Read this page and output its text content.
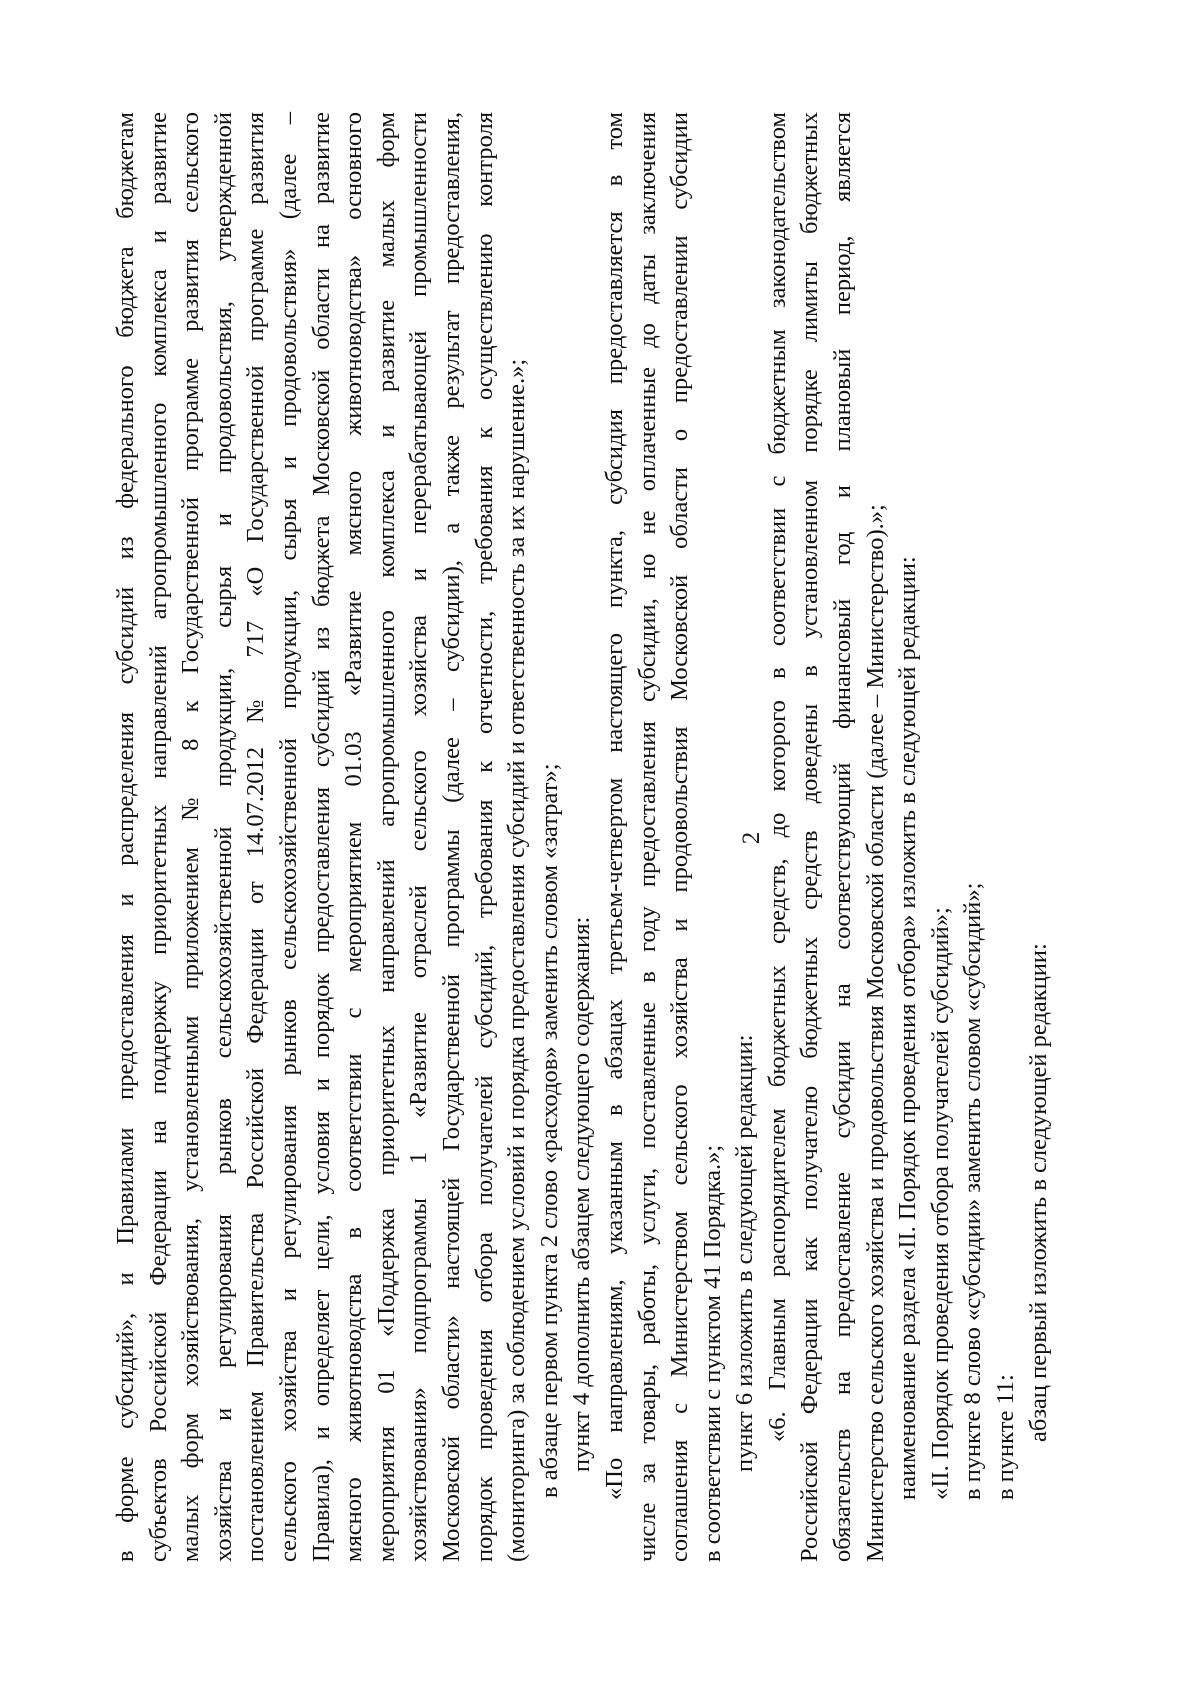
2
в форме субсидий», и Правилами предоставления и распределения субсидий из федерального бюджета бюджетам субъектов Российской Федерации на поддержку приоритетных направлений агропромышленного комплекса и развитие малых форм хозяйствования, установленными приложением № 8 к Государственной программе развития сельского хозяйства и регулирования рынков сельскохозяйственной продукции, сырья и продовольствия, утвержденной постановлением Правительства Российской Федерации от 14.07.2012 № 717 «О Государственной программе развития сельского хозяйства и регулирования рынков сельскохозяйственной продукции, сырья и продовольствия» (далее – Правила), и определяет цели, условия и порядок предоставления субсидий из бюджета Московской области на развитие мясного животноводства в соответствии с мероприятием 01.03 «Развитие мясного животноводства» основного мероприятия 01 «Поддержка приоритетных направлений агропромышленного комплекса и развитие малых форм хозяйствования» подпрограммы 1 «Развитие отраслей сельского хозяйства и перерабатывающей промышленности Московской области» настоящей Государственной программы (далее – субсидии), а также результат предоставления, порядок проведения отбора получателей субсидий, требования к отчетности, требования к осуществлению контроля (мониторинга) за соблюдением условий и порядка предоставления субсидий и ответственность за их нарушение.»; в абзаце первом пункта 2 слово «расходов» заменить словом «затрат»; пункт 4 дополнить абзацем следующего содержания: «По направлениям, указанным в абзацах третьем-четвертом настоящего пункта, субсидия предоставляется в том числе за товары, работы, услуги, поставленные в году предоставления субсидии, но не оплаченные до даты заключения соглашения с Министерством сельского хозяйства и продовольствия Московской области о предоставлении субсидии в соответствии с пунктом 41 Порядка.»; пункт 6 изложить в следующей редакции: «6. Главным распорядителем бюджетных средств, до которого в соответствии с бюджетным законодательством Российской Федерации как получателю бюджетных средств доведены в установленном порядке лимиты бюджетных обязательств на предоставление субсидии на соответствующий финансовый год и плановый период, является Министерство сельского хозяйства и продовольствия Московской области (далее – Министерство).»; наименование раздела «II. Порядок проведения отбора» изложить в следующей редакции: «II. Порядок проведения отбора получателей субсидий»; в пункте 8 слово «субсидии» заменить словом «субсидий»; в пункте 11: абзац первый изложить в следующей редакции:
